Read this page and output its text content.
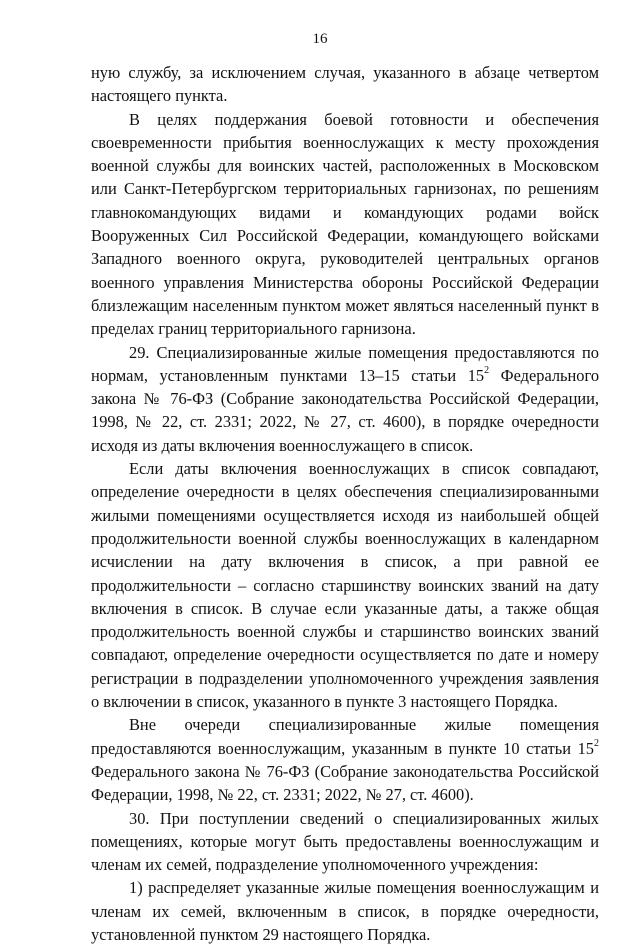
16

ную службу, за исключением случая, указанного в абзаце четвертом настоящего пункта.

В целях поддержания боевой готовности и обеспечения своевременности прибытия военнослужащих к месту прохождения военной службы для воинских частей, расположенных в Московском или Санкт-Петербургском территориальных гарнизонах, по решениям главнокомандующих видами и командующих родами войск Вооруженных Сил Российской Федерации, командующего войсками Западного военного округа, руководителей центральных органов военного управления Министерства обороны Российской Федерации близлежащим населенным пунктом может являться населенный пункт в пределах границ территориального гарнизона.

29. Специализированные жилые помещения предоставляются по нормам, установленным пунктами 13–15 статьи $15^2$ Федерального закона № 76-ФЗ (Собрание законодательства Российской Федерации, 1998, № 22, ст. 2331; 2022, № 27, ст. 4600), в порядке очередности исходя из даты включения военнослужащего в список.

Если даты включения военнослужащих в список совпадают, определение очередности в целях обеспечения специализированными жилыми помещениями осуществляется исходя из наибольшей общей продолжительности военной службы военнослужащих в календарном исчислении на дату включения в список, а при равной ее продолжительности – согласно старшинству воинских званий на дату включения в список. В случае если указанные даты, а также общая продолжительность военной службы и старшинство воинских званий совпадают, определение очередности осуществляется по дате и номеру регистрации в подразделении уполномоченного учреждения заявления о включении в список, указанного в пункте 3 настоящего Порядка.

Вне очереди специализированные жилые помещения предоставляются военнослужащим, указанным в пункте 10 статьи $15^2$ Федерального закона № 76-ФЗ (Собрание законодательства Российской Федерации, 1998, № 22, ст. 2331; 2022, № 27, ст. 4600).

30. При поступлении сведений о специализированных жилых помещениях, которые могут быть предоставлены военнослужащим и членам их семей, подразделение уполномоченного учреждения:

1) распределяет указанные жилые помещения военнослужащим и членам их семей, включенным в список, в порядке очередности, установленной пунктом 29 настоящего Порядка.
